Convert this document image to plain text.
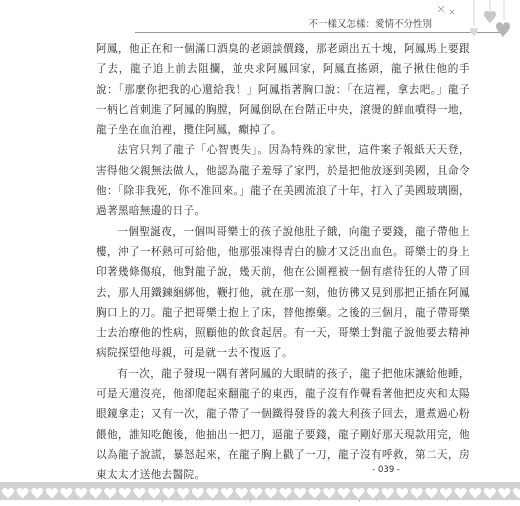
不一樣又怎樣：愛情不分性別

阿鳳，他正在和一個滿口酒臭的老頭談價錢，那老頭出五十塊，阿鳳馬上要跟了去，龍子追上前去阻攔，並央求阿鳳回家，阿鳳直搖頭，龍子揪住他的手說：「那麼你把我的心還給我！」阿鳳指著胸口說：「在這裡，拿去吧。」龍子一柄匕首刺進了阿鳳的胸膛，阿鳳倒臥在台階正中央，滾燙的鮮血噴得一地，龍子坐在血泊裡，攬住阿鳳，癲掉了。

法官只判了龍子「心智喪失」。因為特殊的家世，這件案子報紙天天登，害得他父親無法做人，他認為龍子羞辱了家門，於是把他放逐到美國，且命令他：「除非我死，你不准回來。」龍子在美國流浪了十年，打入了美國玻璃圈，過著黑暗無邊的日子。

一個聖誕夜，一個叫哥樂士的孩子說他肚子餓，向龍子要錢，龍子帶他上樓，沖了一杯熱可可給他，他那張凍得青白的臉才又泛出血色。哥樂士的身上印著幾條傷痕，他對龍子說，幾天前，他在公園裡被一個有虐待狂的人帶了回去，那人用鐵鍊綑綁他，鞭打他，就在那一刻，他彷彿又見到那把正插在阿鳳胸口上的刀。龍子把哥樂士抱上了床，替他擦藥。之後的三個月，龍子帶哥樂士去治療他的性病，照顧他的飲食起居。有一天，哥樂士對龍子說他要去精神病院探望他母親，可是就一去不復返了。

有一次，龍子發現一隅有著阿鳳的大眼睛的孩子，龍子把他床讓給他睡，可是天還沒亮，他卻爬起來翻龍子的東西，龍子沒有作聲看著他把皮夾和太陽眼鏡拿走；又有一次，龍子帶了一個鐵得發昏的義大利孩子回去，還煮過心粉餵他，誰知吃飽後，他抽出一把刀，逼龍子要錢，龍子剛好那天現款用完，他以為龍子說謊，暴怒起來，在龍子胸上戳了一刀，龍子沒有呼救，第二天，房東太太才送他去醫院。	- 039 -
